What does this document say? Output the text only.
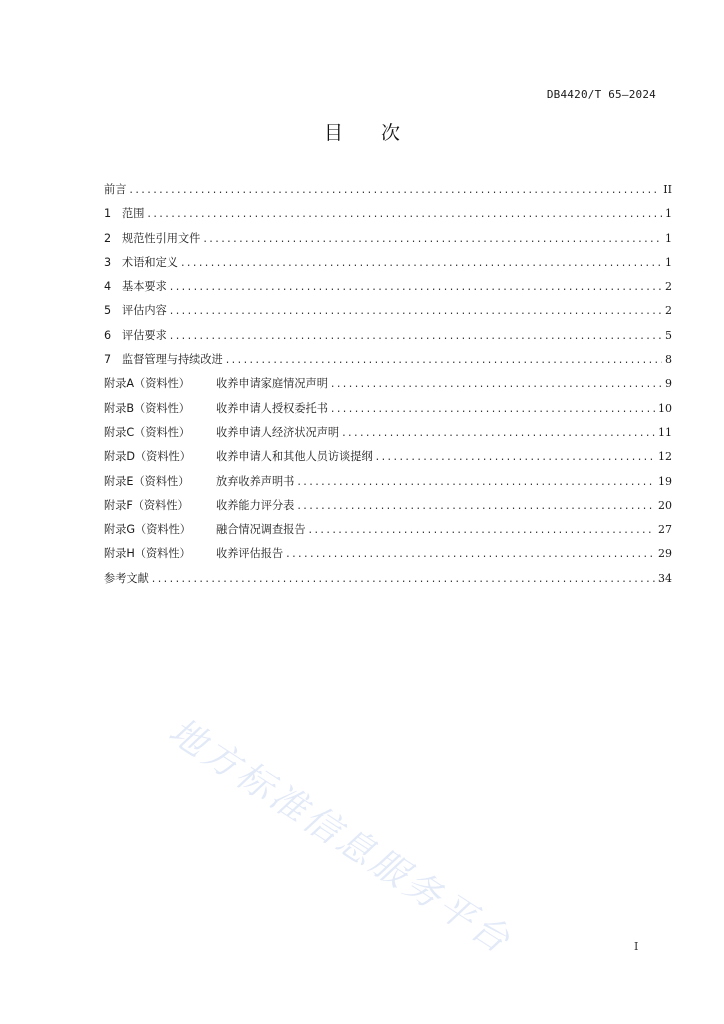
DB4420/T 65—2024
目次
前言 .....	II
1 范围 .....	1
2 规范性引用文件 .....	1
3 术语和定义 .....	1
4 基本要求 .....	2
5 评估内容 .....	2
6 评估要求 .....	5
7 监督管理与持续改进 .....	8
附录A（资料性）	收养申请家庭情况声明 .....	9
附录B（资料性）	收养申请人授权委托书 .....	10
附录C（资料性）	收养申请人经济状况声明 .....	11
附录D（资料性）	收养申请人和其他人员访谈提纲 .....	12
附录E（资料性）	放弃收养声明书 .....	19
附录F（资料性）	收养能力评分表 .....	20
附录G（资料性）	融合情况调查报告 .....	27
附录H（资料性）	收养评估报告 .....	29
参考文献 .....	34
地方标准信息服务平台	I
